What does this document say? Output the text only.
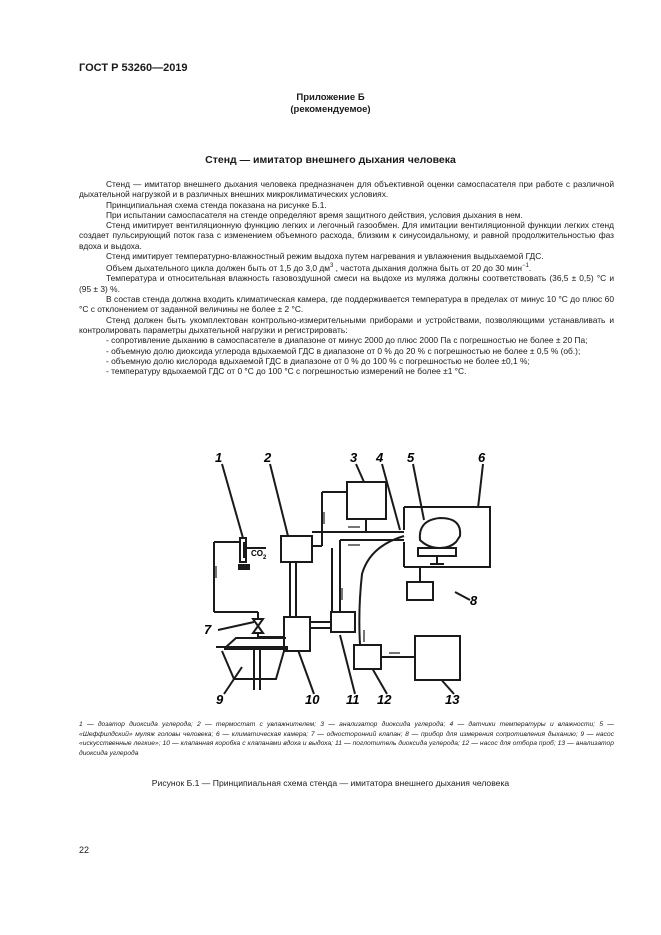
ГОСТ Р 53260—2019
Приложение Б
(рекомендуемое)
Стенд — имитатор внешнего дыхания человека

Стенд — имитатор внешнего дыхания человека предназначен для объективной оценки самоспасателя при работе с различной дыхательной нагрузкой и в различных внешних микроклиматических условиях.

Принципиальная схема стенда показана на рисунке Б.1.

При испытании самоспасателя на стенде определяют время защитного действия, условия дыхания в нем.

Стенд имитирует вентиляционную функцию легких и легочный газообмен. Для имитации вентиляционной функции легких стенд создает пульсирующий поток газа с изменением объемного расхода, близким к синусоидальному, и равной продолжительностью фаз вдоха и выдоха.

Стенд имитирует температурно-влажностный режим выдоха путем нагревания и увлажнения выдыхаемой ГДС.

Объем дыхательного цикла должен быть от 1,5 до 3,0 $дм^3$ , частота дыхания должна быть от 20 до 30 мин$^{-1}$.

Температура и относительная влажность газовоздушной смеси на выдохе из муляжа должны соответствовать (36,5 ± 0,5) °С и (95 ± 3) %.

В состав стенда должна входить климатическая камера, где поддерживается температура в пределах от минус 10 °С до плюс 60 °С с отклонением от заданной величины не более ± 2 °С.

Стенд должен быть укомплектован контрольно-измерительными приборами и устройствами, позволяющими устанавливать и контролировать параметры дыхательной нагрузки и регистрировать:

- сопротивление дыханию в самоспасателе в диапазоне от минус 2000 до плюс 2000 Па с погрешностью не более ± 20 Па;

- объемную долю диоксида углерода вдыхаемой ГДС в диапазоне от 0 % до 20 % с погрешностью не более ± 0,5 % (об.);

- объемную долю кислорода вдыхаемой ГДС в диапазоне от 0 % до 100 % с погрешностью не более ±0,1 %;

- температуру вдыхаемой ГДС от 0 °С до 100 °С с погрешностью измерений не более ±1 °С.

1	2	3 4 5	6
7
8
9	10 11 12	13
$CO_2$
1 — дозатор диоксида углерода; 2 — термостат с увлажнителем; 3 — анализатор диоксида углерода; 4 — датчики температуры и влажности; 5 — «Шеффилдский» муляж головы человека; 6 — климатическая камера; 7 — односторонний клапан; 8 — прибор для измерения сопротивления дыханию; 9 — насос «искусственные легкие»; 10 — клапанная коробка с клапанами вдоха и выдоха; 11 — поглотитель диоксида углерода; 12 — насос для отбора проб; 13 — анализатор диоксида углерода
Рисунок Б.1 — Принципиальная схема стенда — имитатора внешнего дыхания человека
22
